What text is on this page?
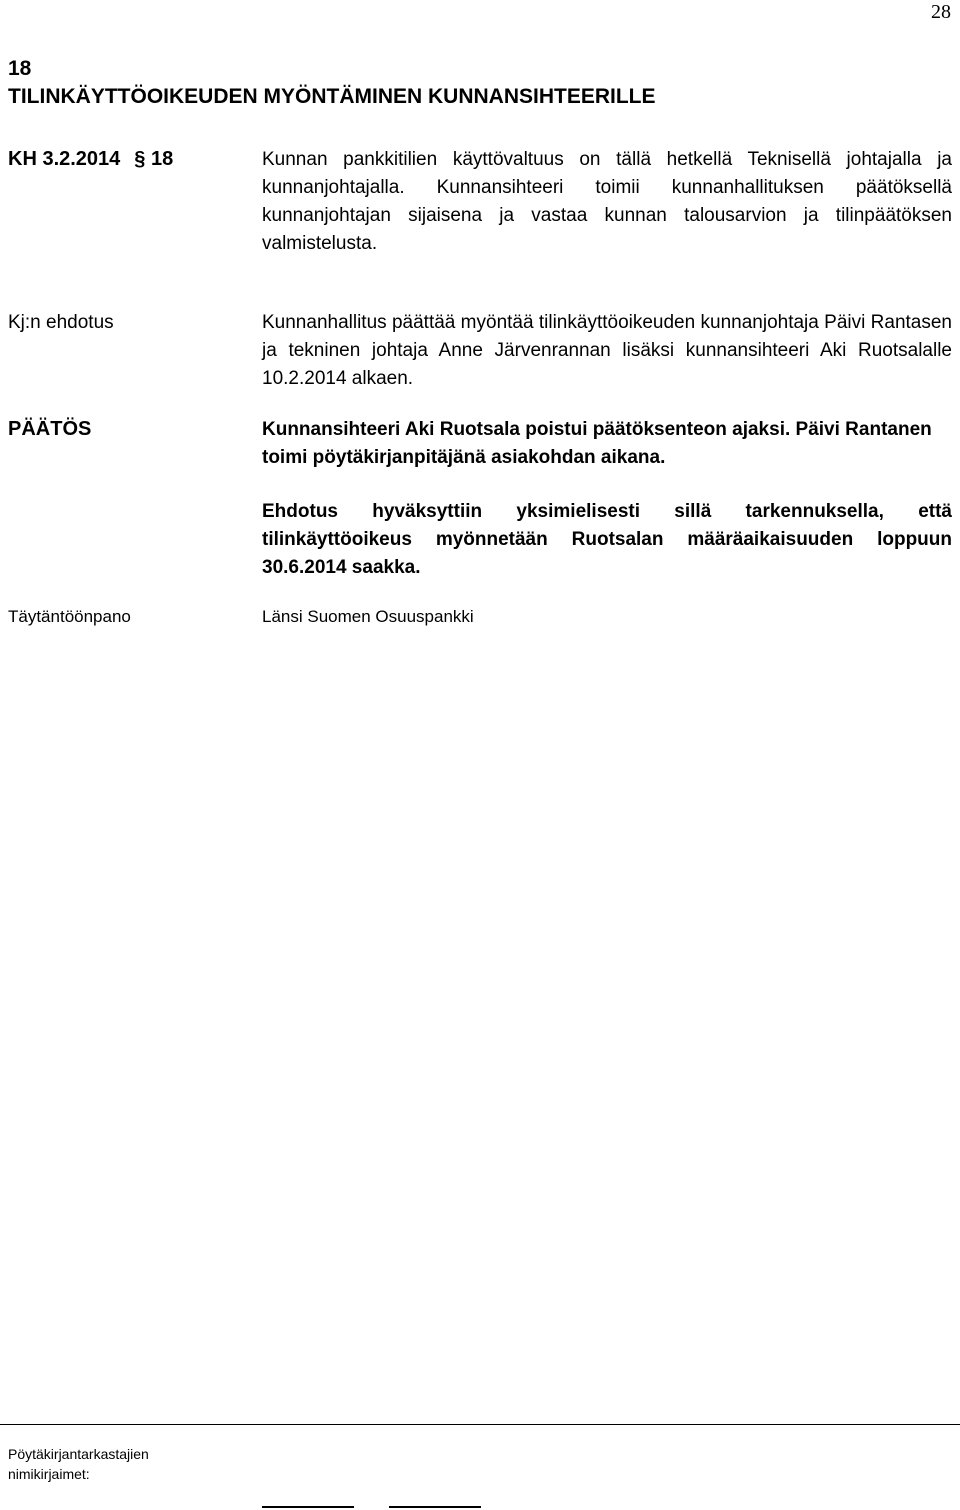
28
18
TILINKÄYTTÖOIKEUDEN MYÖNTÄMINEN KUNNANSIHTEERILLE
KH 3.2.2014 § 18	Kunnan pankkitilien käyttövaltuus on tällä hetkellä Teknisellä johtajalla ja kunnanjohtajalla. Kunnansihteeri toimii kunnanhallituksen päätöksellä kunnanjohtajan sijaisena ja vastaa kunnan talousarvion ja tilinpäätöksen valmistelusta.
Kj:n ehdotus	Kunnanhallitus päättää myöntää tilinkäyttöoikeuden kunnanjohtaja Päivi Rantasen ja tekninen johtaja Anne Järvenrannan lisäksi kunnansihteeri Aki Ruotsalalle 10.2.2014 alkaen.
PÄÄTÖS	Kunnansihteeri Aki Ruotsala poistui päätöksenteon ajaksi. Päivi Rantanen toimi pöytäkirjanpitäjänä asiakohdan aikana.
Ehdotus hyväksyttiin yksimielisesti sillä tarkennuksella, että tilinkäyttöoikeus myönnetään Ruotsalan määräaikaisuuden loppuun 30.6.2014 saakka.
Täytäntöönpano	Länsi Suomen Osuuspankki
Pöytäkirjantarkastajien
nimikirjaimet:
